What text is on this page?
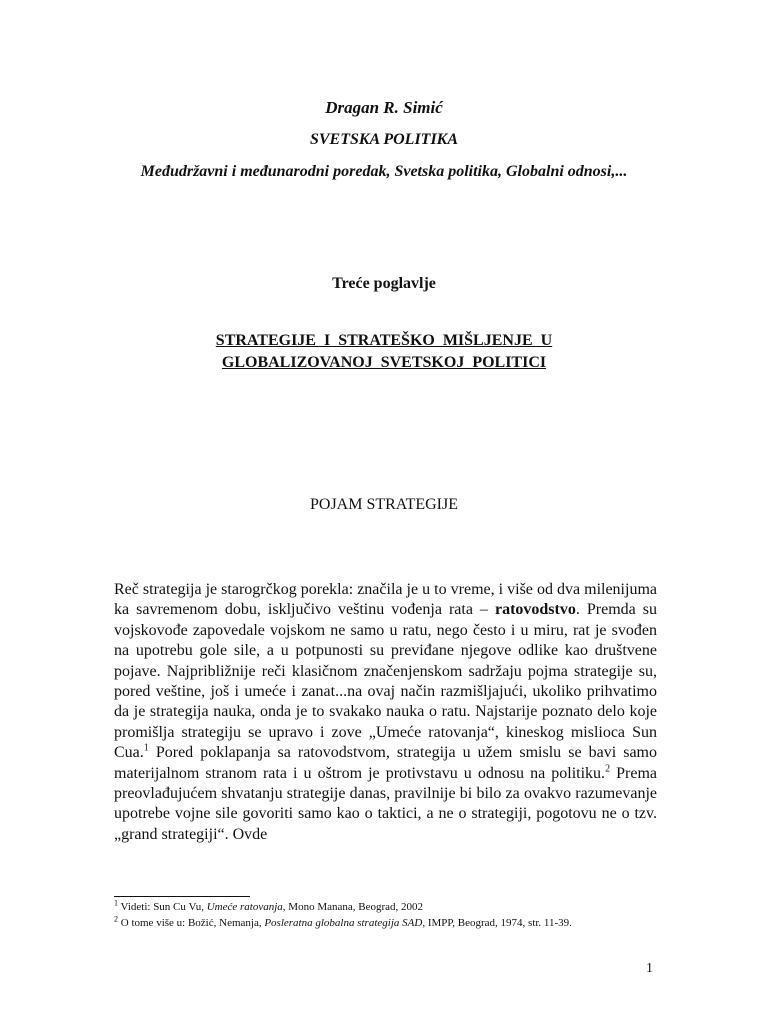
Dragan R. Simić
SVETSKA POLITIKA
Međudržavni i međunarodni poredak, Svetska politika, Globalni odnosi,...
Treće poglavlje
STRATEGIJE  I  STRATEŠKO  MIŠLJENJE  U
GLOBALIZOVANOJ  SVETSKOJ  POLITICI
POJAM STRATEGIJE
Reč strategija je starogrčkog porekla: značila je u to vreme, i više od dva milenijuma ka savremenom dobu, isključivo veštinu vođenja rata – ratovodstvo. Premda su vojskovođe zapovedale vojskom ne samo u ratu, nego često i u miru, rat je svođen na upotrebu gole sile, a u potpunosti su previđane njegove odlike kao društvene pojave. Najpribližnije reči klasičnom značenjenskom sadržaju pojma strategije su, pored veštine, još i umeće i zanat...na ovaj način razmišljajući, ukoliko prihvatimo da je strategija nauka, onda je to svakako nauka o ratu. Najstarije poznato delo koje promišlja strategiju se upravo i zove „Umeće ratovanja“, kineskog mislioca Sun Cua.$^1$ Pored poklapanja sa ratovodstvom, strategija u užem smislu se bavi samo materijalnom stranom rata i u oštrom je protivstavu u odnosu na politiku.$^2$ Prema preovlađujućem shvatanju strategije danas, pravilnije bi bilo za ovakvo razumevanje upotrebe vojne sile govoriti samo kao o taktici, a ne o strategiji, pogotovu ne o tzv. „grand strategiji“. Ovde
$^1$ Videti: Sun Cu Vu, Umeće ratovanja, Mono Manana, Beograd, 2002
$^2$ O tome više u: Božić, Nemanja, Posleratna globalna strategija SAD, IMPP, Beograd, 1974, str. 11-39.
1
